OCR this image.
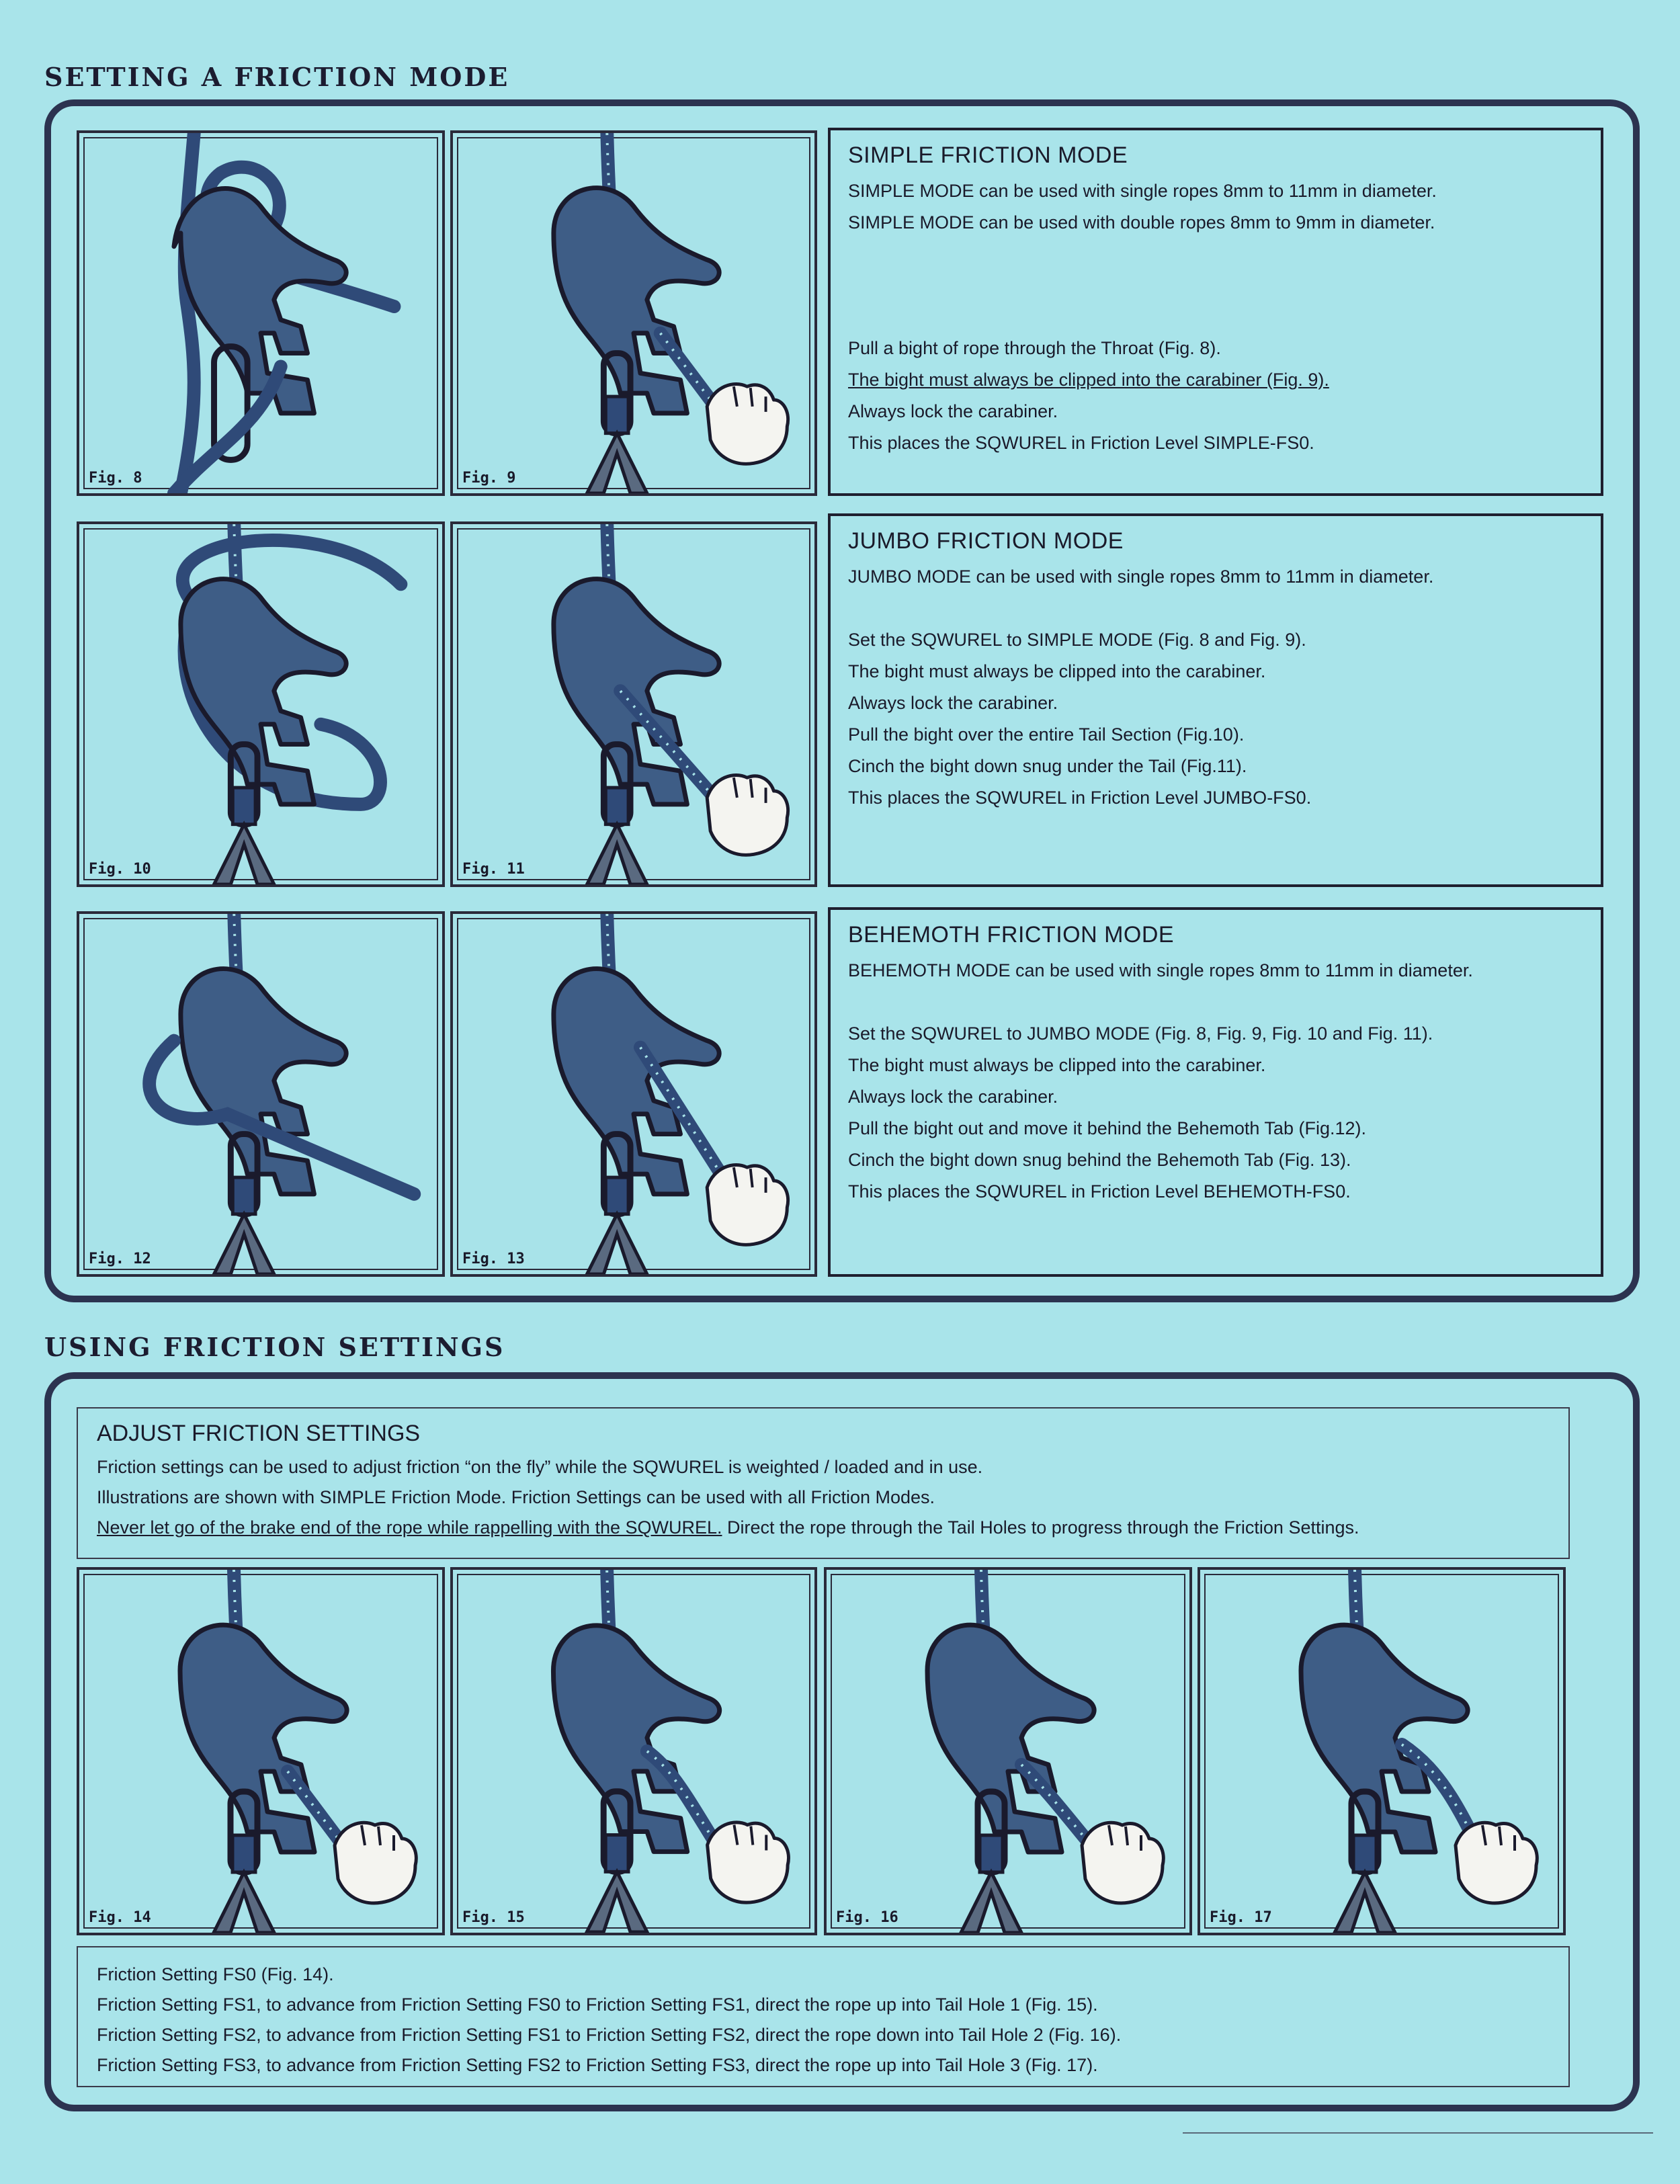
SETTING A FRICTION MODE
Fig. 8	Fig. 9
SIMPLE FRICTION MODE

SIMPLE MODE can be used with single ropes 8mm to 11mm in diameter.

SIMPLE MODE can be used with double ropes 8mm to 9mm in diameter.

Pull a bight of rope through the Throat (Fig. 8).

The bight must always be clipped into the carabiner (Fig. 9).

Always lock the carabiner.

This places the SQWUREL in Friction Level SIMPLE-FS0.

Fig. 10	Fig. 11
JUMBO FRICTION MODE

JUMBO MODE can be used with single ropes 8mm to 11mm in diameter.

Set the SQWUREL to SIMPLE MODE (Fig. 8 and Fig. 9).

The bight must always be clipped into the carabiner.

Always lock the carabiner.

Pull the bight over the entire Tail Section (Fig.10).

Cinch the bight down snug under the Tail (Fig.11).

This places the SQWUREL in Friction Level JUMBO-FS0.

Fig. 12	Fig. 13
BEHEMOTH FRICTION MODE

BEHEMOTH MODE can be used with single ropes 8mm to 11mm in diameter.

Set the SQWUREL to JUMBO MODE (Fig. 8, Fig. 9, Fig. 10 and Fig. 11).

The bight must always be clipped into the carabiner.

Always lock the carabiner.

Pull the bight out and move it behind the Behemoth Tab (Fig.12).

Cinch the bight down snug behind the Behemoth Tab (Fig. 13).

This places the SQWUREL in Friction Level BEHEMOTH-FS0.

USING FRICTION SETTINGS
ADJUST FRICTION SETTINGS

Friction settings can be used to adjust friction “on the fly” while the SQWUREL is weighted / loaded and in use.

Illustrations are shown with SIMPLE Friction Mode. Friction Settings can be used with all Friction Modes.

Never let go of the brake end of the rope while rappelling with the SQWUREL. Direct the rope through the Tail Holes to progress through the Friction Settings.

Fig. 14	Fig. 15	Fig. 16	Fig. 17

Friction Setting FS0 (Fig. 14).

Friction Setting FS1, to advance from Friction Setting FS0 to Friction Setting FS1, direct the rope up into Tail Hole 1 (Fig. 15).

Friction Setting FS2, to advance from Friction Setting FS1 to Friction Setting FS2, direct the rope down into Tail Hole 2 (Fig. 16).

Friction Setting FS3, to advance from Friction Setting FS2 to Friction Setting FS3, direct the rope up into Tail Hole 3 (Fig. 17).
